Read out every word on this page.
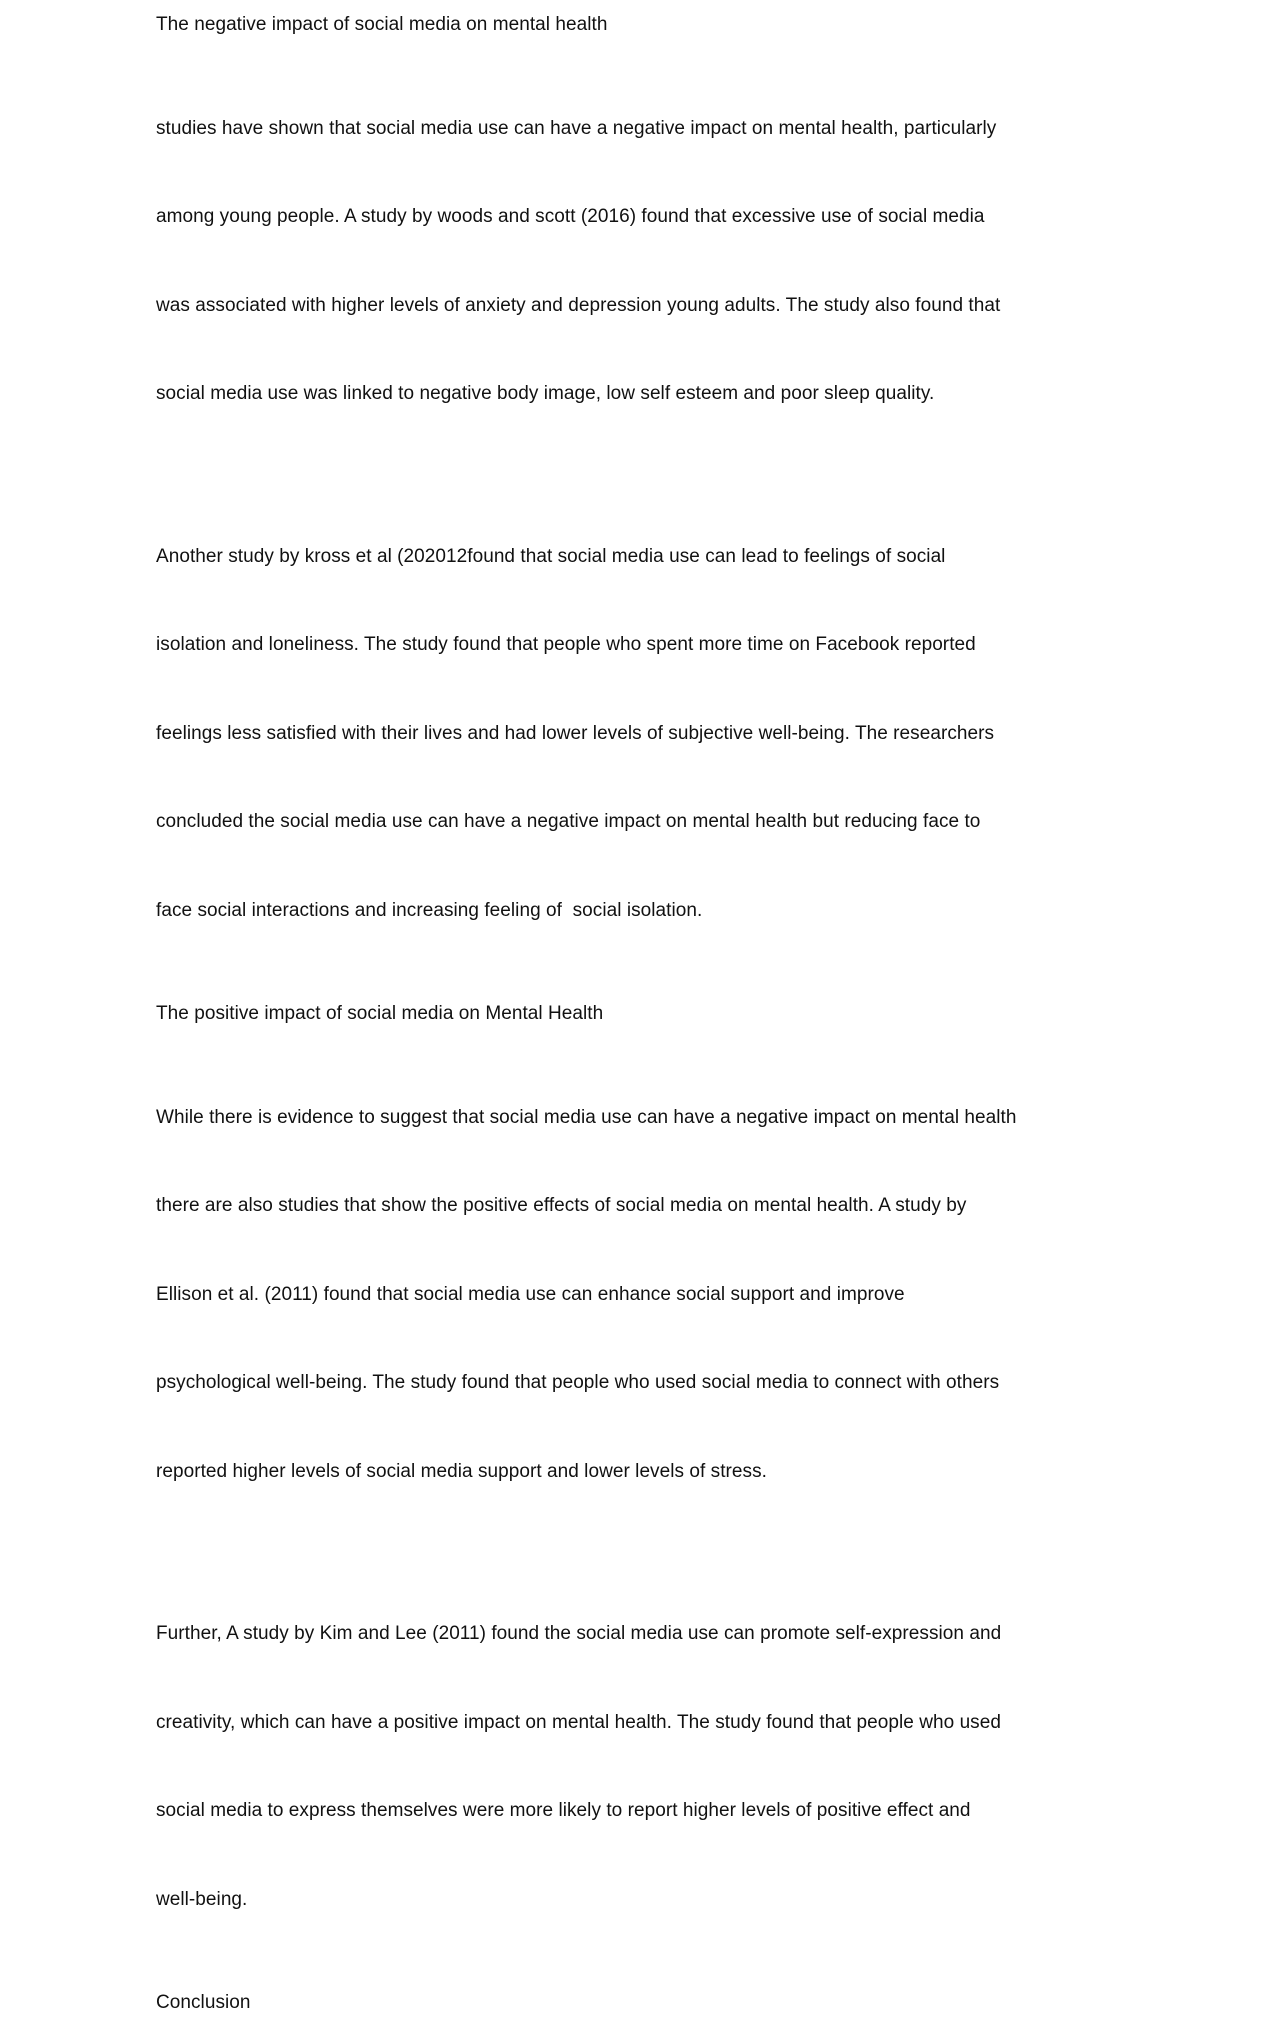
The negative impact of social media on mental health

studies have shown that social media use can have a negative impact on mental health, particularly

among young people. A study by woods and scott (2016) found that excessive use of social media

was associated with higher levels of anxiety and depression young adults. The study also found that

social media use was linked to negative body image, low self esteem and poor sleep quality.

Another study by kross et al (202012found that social media use can lead to feelings of social

isolation and loneliness. The study found that people who spent more time on Facebook reported

feelings less satisfied with their lives and had lower levels of subjective well-being. The researchers

concluded the social media use can have a negative impact on mental health but reducing face to

face social interactions and increasing feeling of  social isolation.

The positive impact of social media on Mental Health

While there is evidence to suggest that social media use can have a negative impact on mental health

there are also studies that show the positive effects of social media on mental health. A study by

Ellison et al. (2011) found that social media use can enhance social support and improve

psychological well-being. The study found that people who used social media to connect with others

reported higher levels of social media support and lower levels of stress.

Further, A study by Kim and Lee (2011) found the social media use can promote self-expression and

creativity, which can have a positive impact on mental health. The study found that people who used

social media to express themselves were more likely to report higher levels of positive effect and

well-being.

Conclusion
